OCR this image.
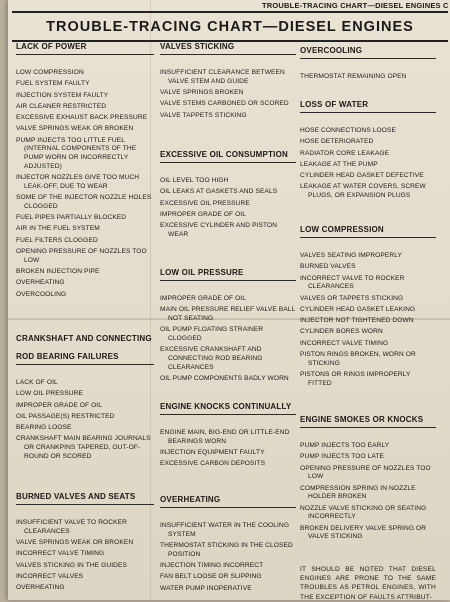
TROUBLE-TRACING CHART—DIESEL ENGINES C
TROUBLE-TRACING CHART—DIESEL ENGINES
LACK OF POWER
LOW COMPRESSION
FUEL SYSTEM FAULTY
INJECTION SYSTEM FAULTY
AIR CLEANER RESTRICTED
EXCESSIVE EXHAUST BACK PRESSURE
VALVE SPRINGS WEAK OR BROKEN
PUMP INJECTS TOO LITTLE FUEL (INTERNAL COMPONENTS OF THE PUMP WORN OR INCORRECTLY ADJUSTED)
INJECTOR NOZZLES GIVE TOO MUCH LEAK-OFF, DUE TO WEAR
SOME OF THE INJECTOR NOZZLE HOLES CLOGGED
FUEL PIPES PARTIALLY BLOCKED
AIR IN THE FUEL SYSTEM
FUEL FILTERS CLOGGED
OPENING PRESSURE OF NOZZLES TOO LOW
BROKEN INJECTION PIPE
OVERHEATING
OVERCOOLING
CRANKSHAFT AND CONNECTING
ROD BEARING FAILURES
LACK OF OIL
LOW OIL PRESSURE
IMPROPER GRADE OF OIL
OIL PASSAGE(S) RESTRICTED
BEARING LOOSE
CRANKSHAFT MAIN BEARING JOURNALS OR CRANKPINS TAPERED, OUT-OF-ROUND OR SCORED
BURNED VALVES AND SEATS
INSUFFICIENT VALVE TO ROCKER CLEARANCES
VALVE SPRINGS WEAK OR BROKEN
INCORRECT VALVE TIMING
VALVES STICKING IN THE GUIDES
INCORRECT VALVES
OVERHEATING
VALVES STICKING
INSUFFICIENT CLEARANCE BETWEEN VALVE STEM AND GUIDE
VALVE SPRINGS BROKEN
VALVE STEMS CARBONED OR SCORED
VALVE TAPPETS STICKING
EXCESSIVE OIL CONSUMPTION
OIL LEVEL TOO HIGH
OIL LEAKS AT GASKETS AND SEALS
EXCESSIVE OIL PRESSURE
IMPROPER GRADE OF OIL
EXCESSIVE CYLINDER AND PISTON WEAR
LOW OIL PRESSURE
IMPROPER GRADE OF OIL
MAIN OIL PRESSURE RELIEF VALVE BALL NOT SEATING
OIL PUMP FLOATING STRAINER CLOGGED
EXCESSIVE CRANKSHAFT AND CONNECTING ROD BEARING CLEARANCES
OIL PUMP COMPONENTS BADLY WORN
ENGINE KNOCKS CONTINUALLY
ENGINE MAIN, BIG-END OR LITTLE-END BEARINGS WORN
INJECTION EQUIPMENT FAULTY
EXCESSIVE CARBON DEPOSITS
OVERHEATING
INSUFFICIENT WATER IN THE COOLING SYSTEM
THERMOSTAT STICKING IN THE CLOSED POSITION
INJECTION TIMING INCORRECT
FAN BELT LOOSE OR SLIPPING
WATER PUMP INOPERATIVE
OVERCOOLING
THERMOSTAT REMAINING OPEN
LOSS OF WATER
HOSE CONNECTIONS LOOSE
HOSE DETERIORATED
RADIATOR CORE LEAKAGE
LEAKAGE AT THE PUMP
CYLINDER HEAD GASKET DEFECTIVE
LEAKAGE AT WATER COVERS, SCREW PLUGS, OR EXPANSION PLUGS
LOW COMPRESSION
VALVES SEATING IMPROPERLY
BURNED VALVES
INCORRECT VALVE TO ROCKER CLEARANCES
VALVES OR TAPPETS STICKING
CYLINDER HEAD GASKET LEAKING
INJECTOR NOT TIGHTENED DOWN
CYLINDER BORES WORN
INCORRECT VALVE TIMING
PISTON RINGS BROKEN, WORN OR STICKING
PISTONS OR RINGS IMPROPERLY FITTED
ENGINE SMOKES OR KNOCKS
PUMP INJECTS TOO EARLY
PUMP INJECTS TOO LATE
OPENING PRESSURE OF NOZZLES TOO LOW
COMPRESSION SPRING IN NOZZLE HOLDER BROKEN
NOZZLE VALVE STICKING OR SEATING INCORRECTLY
BROKEN DELIVERY VALVE SPRING OR VALVE STICKING
IT SHOULD BE NOTED THAT DIESEL ENGINES ARE PRONE TO THE SAME TROUBLES AS PETROL ENGINES, WITH THE EXCEPTION OF FAULTS ATTRIBUT-
